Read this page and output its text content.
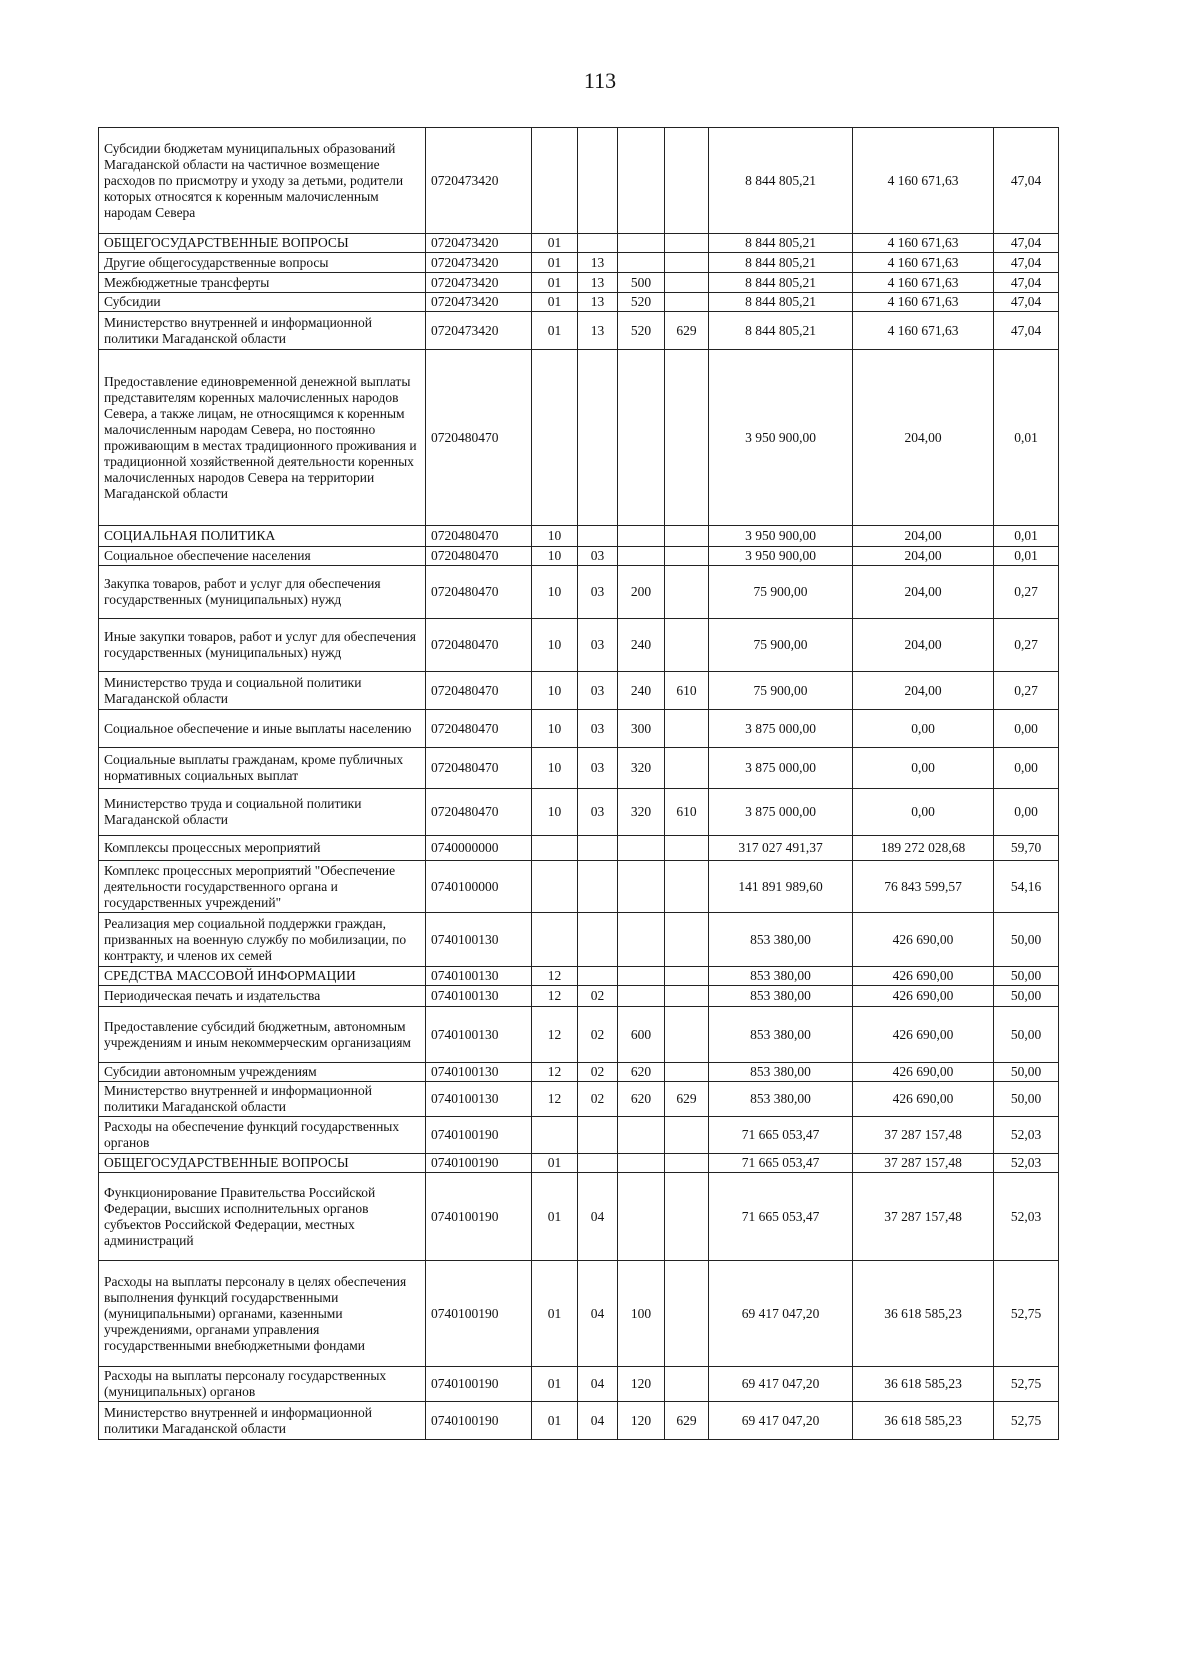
113
Субсидии бюджетам муниципальных образований Магаданской области на частичное возмещение расходов по присмотру и уходу за детьми, родители которых относятся к коренным малочисленным народам Севера	0720473420					8 844 805,21	4 160 671,63	47,04
ОБЩЕГОСУДАРСТВЕННЫЕ ВОПРОСЫ	0720473420	01				8 844 805,21	4 160 671,63	47,04
Другие общегосударственные вопросы	0720473420	01	13			8 844 805,21	4 160 671,63	47,04
Межбюджетные трансферты	0720473420	01	13	500		8 844 805,21	4 160 671,63	47,04
Субсидии	0720473420	01	13	520		8 844 805,21	4 160 671,63	47,04
Министерство внутренней и информационной политики Магаданской области	0720473420	01	13	520	629	8 844 805,21	4 160 671,63	47,04
Предоставление единовременной денежной выплаты представителям коренных малочисленных народов Севера, а также лицам, не относящимся к коренным малочисленным народам Севера, но постоянно проживающим в местах традиционного проживания и традиционной хозяйственной деятельности коренных малочисленных народов Севера на территории Магаданской области	0720480470					3 950 900,00	204,00	0,01
СОЦИАЛЬНАЯ ПОЛИТИКА	0720480470	10				3 950 900,00	204,00	0,01
Социальное обеспечение населения	0720480470	10	03			3 950 900,00	204,00	0,01
Закупка товаров, работ и услуг для обеспечения государственных (муниципальных) нужд	0720480470	10	03	200		75 900,00	204,00	0,27
Иные закупки товаров, работ и услуг для обеспечения государственных (муниципальных) нужд	0720480470	10	03	240		75 900,00	204,00	0,27
Министерство труда и социальной политики Магаданской области	0720480470	10	03	240	610	75 900,00	204,00	0,27
Социальное обеспечение и иные выплаты населению	0720480470	10	03	300		3 875 000,00	0,00	0,00
Социальные выплаты гражданам, кроме публичных нормативных социальных выплат	0720480470	10	03	320		3 875 000,00	0,00	0,00
Министерство труда и социальной политики Магаданской области	0720480470	10	03	320	610	3 875 000,00	0,00	0,00
Комплексы процессных мероприятий	0740000000					317 027 491,37	189 272 028,68	59,70
Комплекс процессных мероприятий "Обеспечение деятельности государственного органа и государственных учреждений"	0740100000					141 891 989,60	76 843 599,57	54,16
Реализация мер социальной поддержки граждан, призванных на военную службу по мобилизации, по контракту, и членов их семей	0740100130					853 380,00	426 690,00	50,00
СРЕДСТВА МАССОВОЙ ИНФОРМАЦИИ	0740100130	12				853 380,00	426 690,00	50,00
Периодическая печать и издательства	0740100130	12	02			853 380,00	426 690,00	50,00
Предоставление субсидий бюджетным, автономным учреждениям и иным некоммерческим организациям	0740100130	12	02	600		853 380,00	426 690,00	50,00
Субсидии автономным учреждениям	0740100130	12	02	620		853 380,00	426 690,00	50,00
Министерство внутренней и информационной политики Магаданской области	0740100130	12	02	620	629	853 380,00	426 690,00	50,00
Расходы на обеспечение функций государственных органов	0740100190					71 665 053,47	37 287 157,48	52,03
ОБЩЕГОСУДАРСТВЕННЫЕ ВОПРОСЫ	0740100190	01				71 665 053,47	37 287 157,48	52,03
Функционирование Правительства Российской Федерации, высших исполнительных органов субъектов Российской Федерации, местных администраций	0740100190	01	04			71 665 053,47	37 287 157,48	52,03
Расходы на выплаты персоналу в целях обеспечения выполнения функций государственными (муниципальными) органами, казенными учреждениями, органами управления государственными внебюджетными фондами	0740100190	01	04	100		69 417 047,20	36 618 585,23	52,75
Расходы на выплаты персоналу государственных (муниципальных) органов	0740100190	01	04	120		69 417 047,20	36 618 585,23	52,75
Министерство внутренней и информационной политики Магаданской области	0740100190	01	04	120	629	69 417 047,20	36 618 585,23	52,75
